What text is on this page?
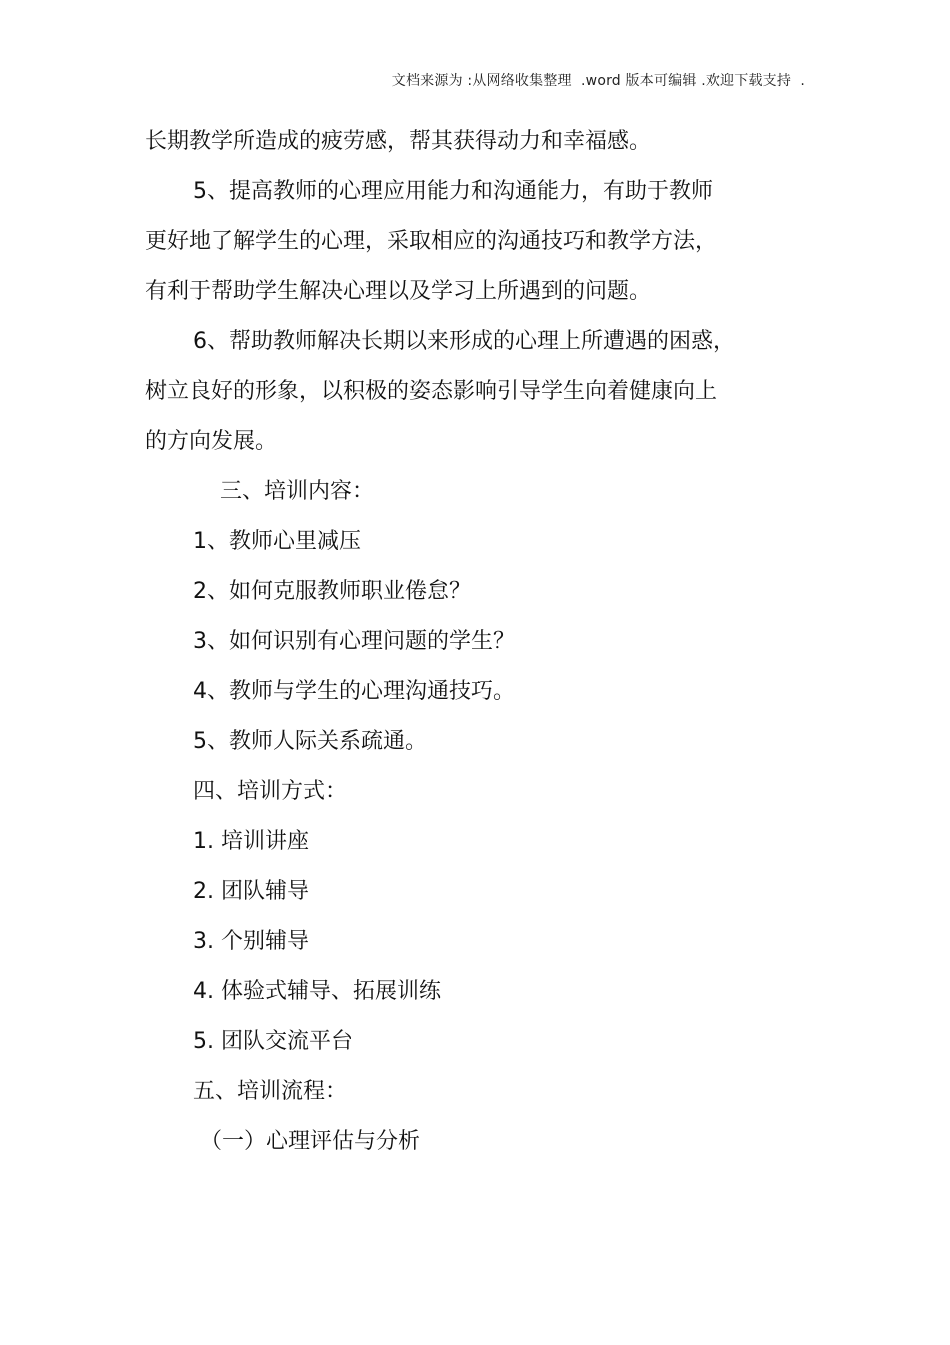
文档来源为 :从网络收集整理  .word 版本可编辑 .欢迎下载支持  .
长期教学所造成的疲劳感，帮其获得动力和幸福感。
5、提高教师的心理应用能力和沟通能力，有助于教师
更好地了解学生的心理，采取相应的沟通技巧和教学方法，
有利于帮助学生解决心理以及学习上所遇到的问题。
6、帮助教师解决长期以来形成的心理上所遭遇的困惑，
树立良好的形象，以积极的姿态影响引导学生向着健康向上
的方向发展。
三、培训内容：
1、教师心里减压
2、如何克服教师职业倦怠？
3、如何识别有心理问题的学生？
4、教师与学生的心理沟通技巧。
5、教师人际关系疏通。
四、培训方式：
1. 培训讲座
2. 团队辅导
3. 个别辅导
4. 体验式辅导、拓展训练
5. 团队交流平台
五、培训流程：
（一）心理评估与分析
